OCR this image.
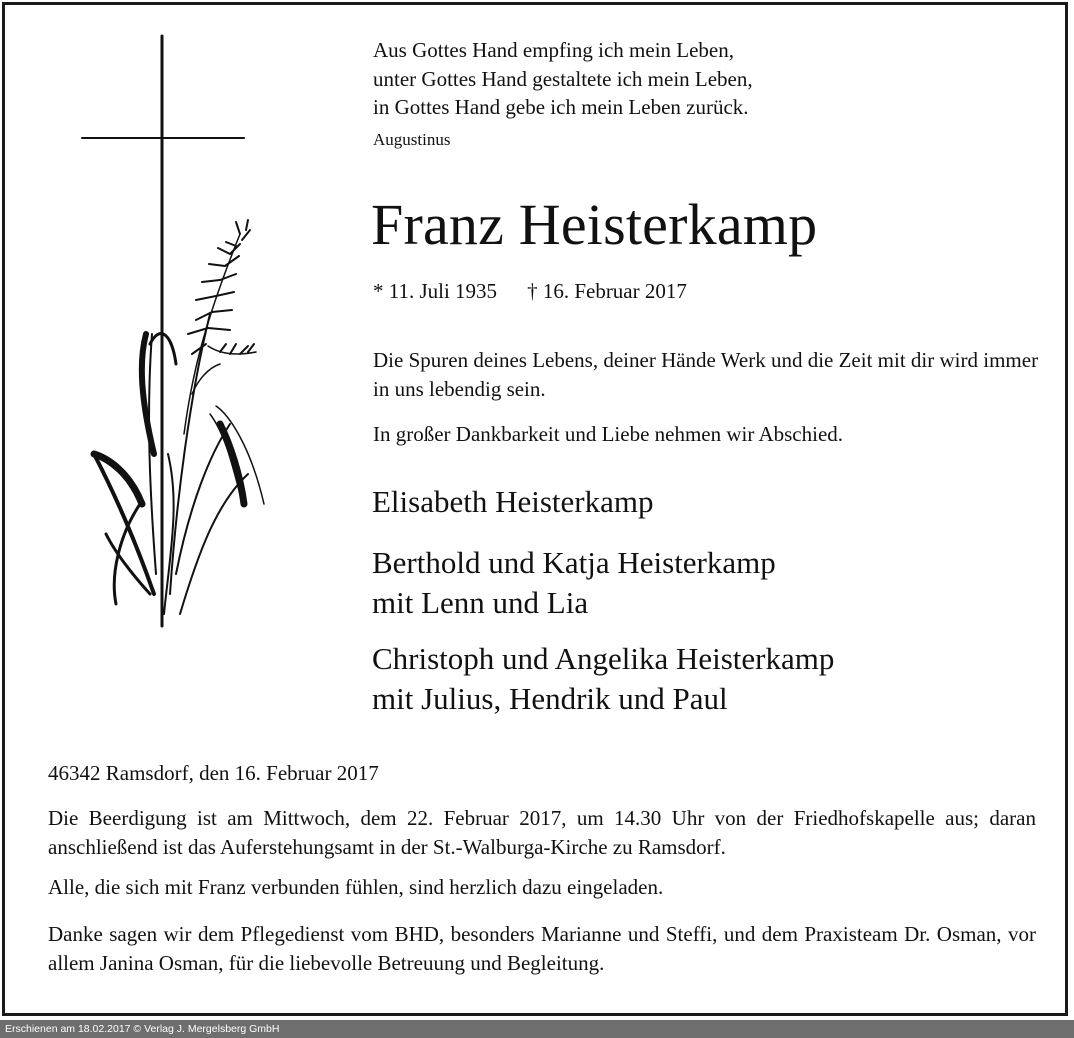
Aus Gottes Hand empfing ich mein Leben,
unter Gottes Hand gestaltete ich mein Leben,
in Gottes Hand gebe ich mein Leben zurück.
Augustinus
Franz Heisterkamp
* 11. Juli 1935 † 16. Februar 2017
Die Spuren deines Lebens, deiner Hände Werk und die Zeit mit dir wird immer in uns lebendig sein.
In großer Dankbarkeit und Liebe nehmen wir Abschied.
Elisabeth Heisterkamp
Berthold und Katja Heisterkamp
mit Lenn und Lia
Christoph und Angelika Heisterkamp
mit Julius, Hendrik und Paul
46342 Ramsdorf, den 16. Februar 2017
Die Beerdigung ist am Mittwoch, dem 22. Februar 2017, um 14.30 Uhr von der Friedhofskapelle aus; daran anschließend ist das Auferstehungsamt in der St.-Walburga-Kirche zu Ramsdorf.
Alle, die sich mit Franz verbunden fühlen, sind herzlich dazu eingeladen.
Danke sagen wir dem Pflegedienst vom BHD, besonders Marianne und Steffi, und dem Praxisteam Dr. Osman, vor allem Janina Osman, für die liebevolle Betreuung und Begleitung.
Erschienen am 18.02.2017 © Verlag J. Mergelsberg GmbH
